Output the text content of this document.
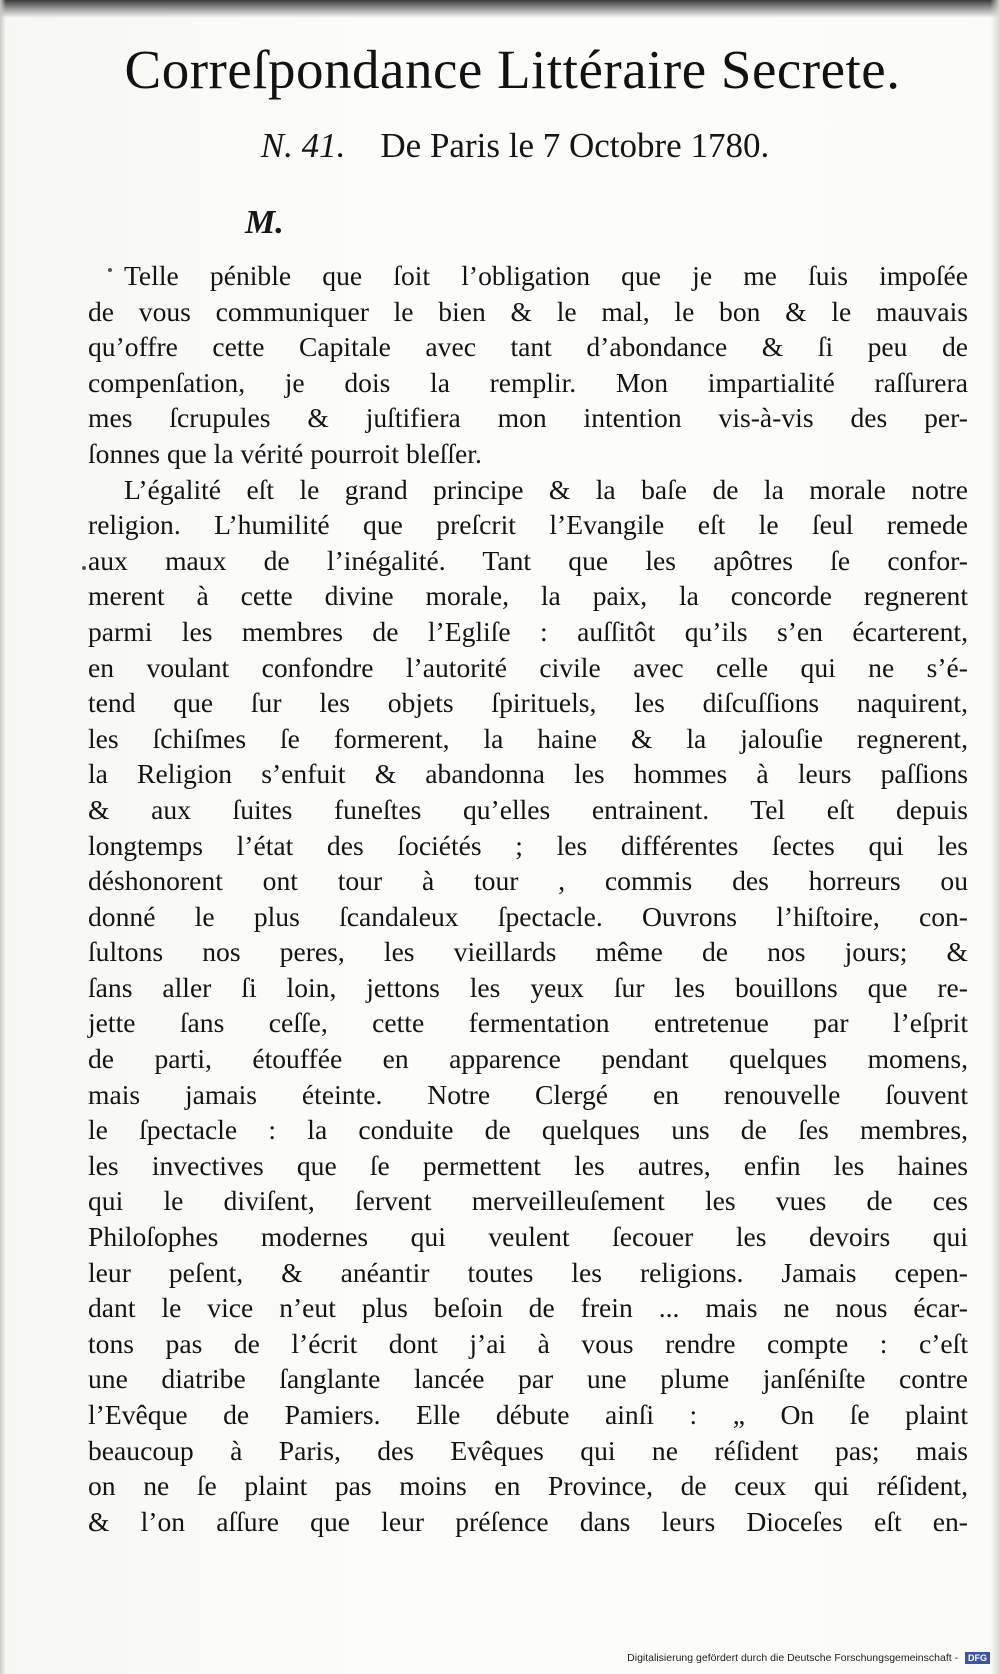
Correſpondance Littéraire Secrete.
N. 41. De Paris le 7 Octobre 1780.
M.
Telle pénible que ſoit l’obligation que je me ſuis impoſée
de vous communiquer le bien & le mal, le bon & le mauvais
qu’offre cette Capitale avec tant d’abondance & ſi peu de
compenſation, je dois la remplir. Mon impartialité raſſurera
mes ſcrupules & juſtifiera mon intention vis-à-vis des per-
ſonnes que la vérité pourroit bleſſer.
L’égalité eſt le grand principe & la baſe de la morale notre
religion. L’humilité que preſcrit l’Evangile eſt le ſeul remede
aux maux de l’inégalité. Tant que les apôtres ſe confor-
merent à cette divine morale, la paix, la concorde regnerent
parmi les membres de l’Egliſe : auſſitôt qu’ils s’en écarterent,
en voulant confondre l’autorité civile avec celle qui ne s’é-
tend que ſur les objets ſpirituels, les diſcuſſions naquirent,
les ſchiſmes ſe formerent, la haine & la jalouſie regnerent,
la Religion s’enfuit & abandonna les hommes à leurs paſſions
& aux ſuites funeſtes qu’elles entrainent. Tel eſt depuis
longtemps l’état des ſociétés ; les différentes ſectes qui les
déshonorent ont tour à tour , commis des horreurs ou
donné le plus ſcandaleux ſpectacle. Ouvrons l’hiſtoire, con-
ſultons nos peres, les vieillards même de nos jours; &
ſans aller ſi loin, jettons les yeux ſur les bouillons que re-
jette ſans ceſſe, cette fermentation entretenue par l’eſprit
de parti, étouffée en apparence pendant quelques momens,
mais jamais éteinte. Notre Clergé en renouvelle ſouvent
le ſpectacle : la conduite de quelques uns de ſes membres,
les invectives que ſe permettent les autres, enfin les haines
qui le diviſent, ſervent merveilleuſement les vues de ces
Philoſophes modernes qui veulent ſecouer les devoirs qui
leur peſent, & anéantir toutes les religions. Jamais cepen-
dant le vice n’eut plus beſoin de frein ... mais ne nous écar-
tons pas de l’écrit dont j’ai à vous rendre compte : c’eſt
une diatribe ſanglante lancée par une plume janſéniſte contre
l’Evêque de Pamiers. Elle débute ainſi : „ On ſe plaint
beaucoup à Paris, des Evêques qui ne réſident pas; mais
on ne ſe plaint pas moins en Province, de ceux qui réſident,
& l’on aſſure que leur préſence dans leurs Dioceſes eſt en-
Digitalisierung gefördert durch die Deutsche Forschungsgemeinschaft - DFG
